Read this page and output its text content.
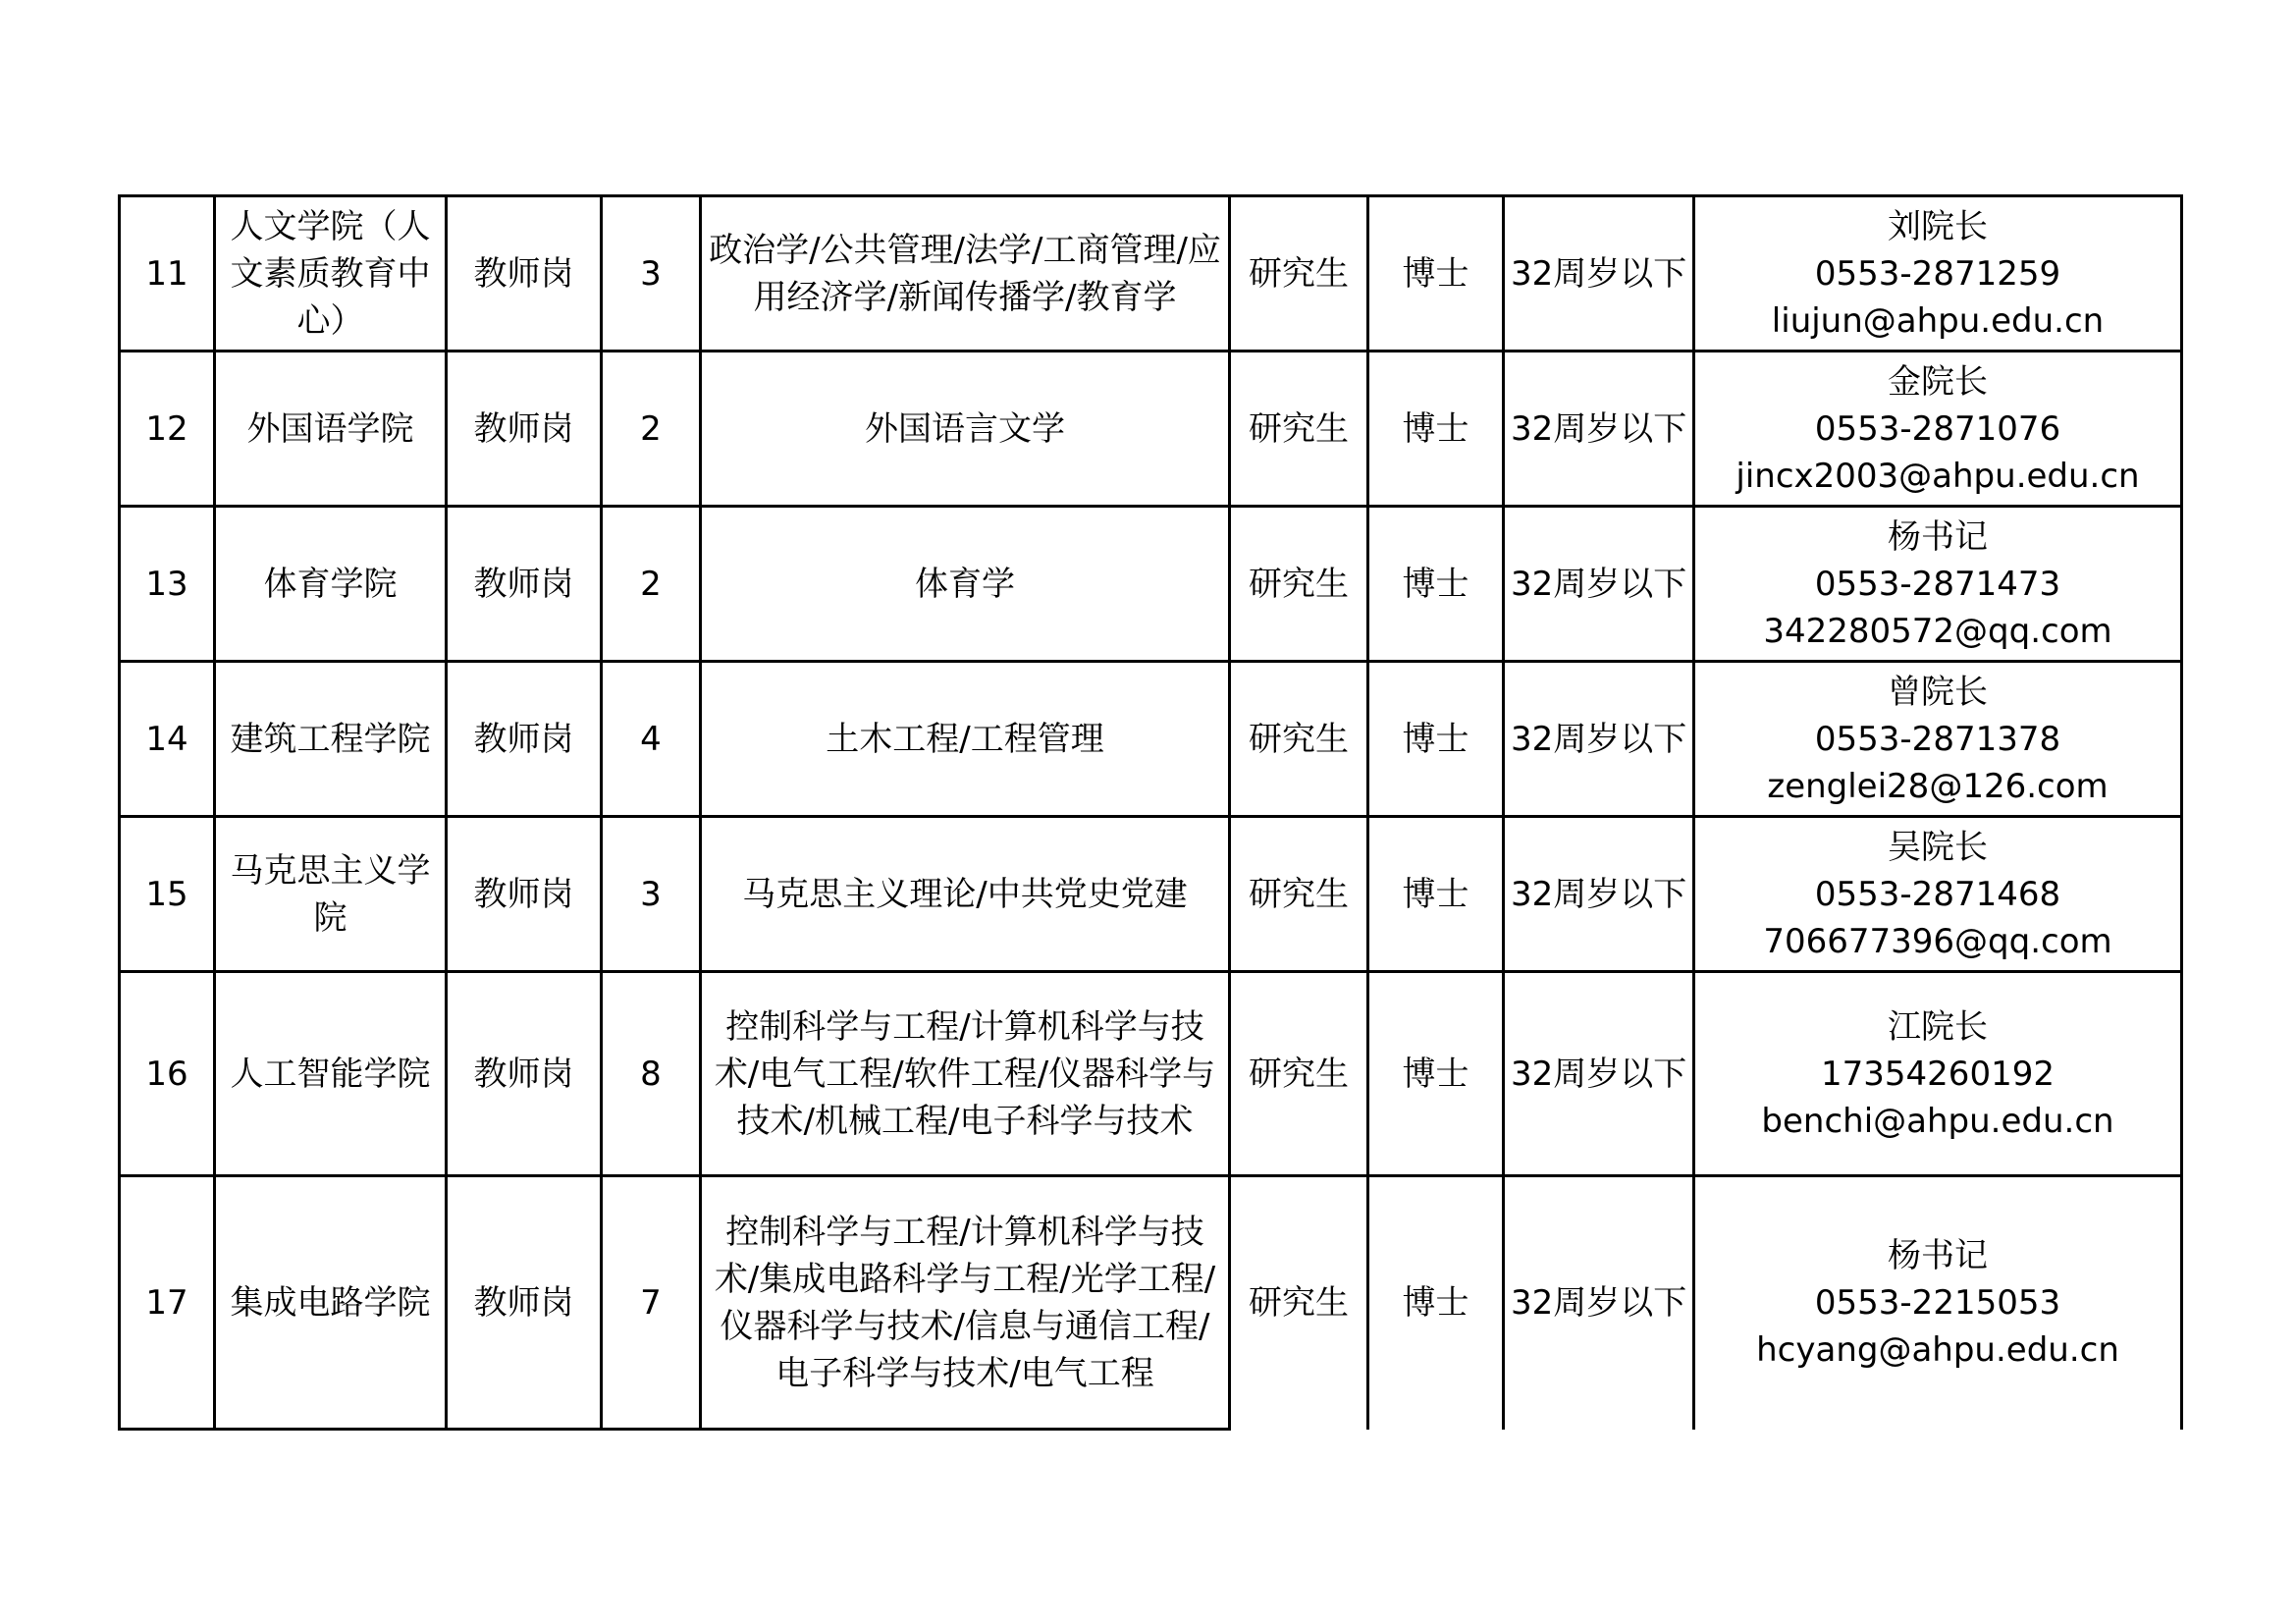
11	人文学院（人文素质教育中心）	教师岗	3	政治学/公共管理/法学/工商管理/应用经济学/新闻传播学/教育学	研究生	博士	32周岁以下	刘院长
0553-2871259
liujun@ahpu.edu.cn

12	外国语学院	教师岗	2	外国语言文学	研究生	博士	32周岁以下	金院长
0553-2871076
jincx2003@ahpu.edu.cn

13	体育学院	教师岗	2	体育学	研究生	博士	32周岁以下	杨书记
0553-2871473
342280572@qq.com

14	建筑工程学院	教师岗	4	土木工程/工程管理	研究生	博士	32周岁以下	曾院长
0553-2871378
zenglei28@126.com

15	马克思主义学院	教师岗	3	马克思主义理论/中共党史党建	研究生	博士	32周岁以下	吴院长
0553-2871468
706677396@qq.com

16	人工智能学院	教师岗	8	控制科学与工程/计算机科学与技术/电气工程/软件工程/仪器科学与技术/机械工程/电子科学与技术	研究生	博士	32周岁以下	江院长
17354260192
benchi@ahpu.edu.cn

17	集成电路学院	教师岗	7	控制科学与工程/计算机科学与技术/集成电路科学与工程/光学工程/仪器科学与技术/信息与通信工程/电子科学与技术/电气工程	研究生	博士	32周岁以下	杨书记
0553-2215053
hcyang@ahpu.edu.cn
